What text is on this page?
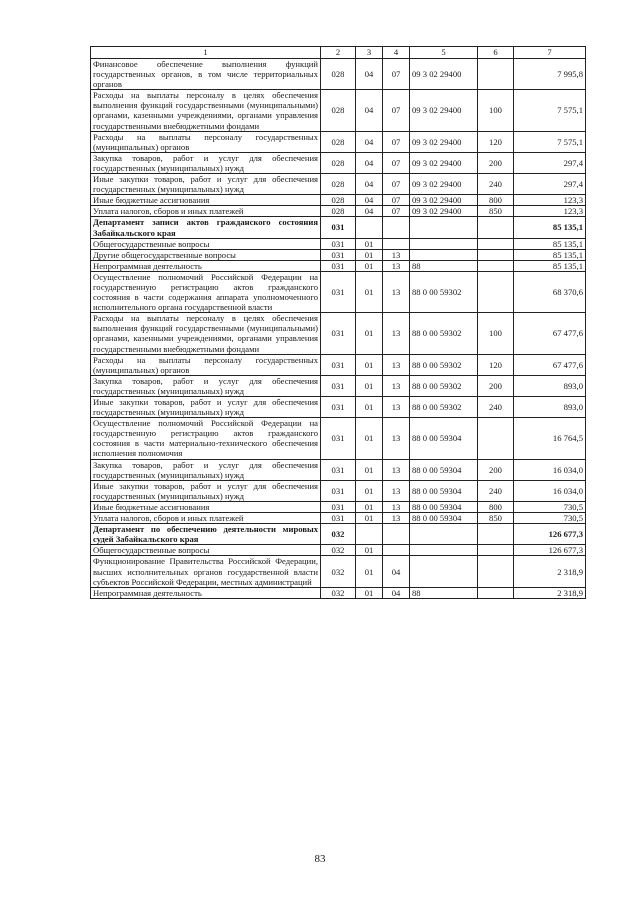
1	2	3	4	5	6	7
Финансовое обеспечение выполнения функций государственных органов, в том числе территориальных органов	028	04	07	09 3 02 29400		7 995,8
Расходы на выплаты персоналу в целях обеспечения выполнения функций государственными (муниципальными) органами, казенными учреждениями, органами управления государственными внебюджетными фондами	028	04	07	09 3 02 29400	100	7 575,1
Расходы на выплаты персоналу государственных (муниципальных) органов	028	04	07	09 3 02 29400	120	7 575,1
Закупка товаров, работ и услуг для обеспечения государственных (муниципальных) нужд	028	04	07	09 3 02 29400	200	297,4
Иные закупки товаров, работ и услуг для обеспечения государственных (муниципальных) нужд	028	04	07	09 3 02 29400	240	297,4
Иные бюджетные ассигнования	028	04	07	09 3 02 29400	800	123,3
Уплата налогов, сборов и иных платежей	028	04	07	09 3 02 29400	850	123,3
Департамент записи актов гражданского состояния Забайкальского края	031					85 135,1
Общегосударственные вопросы	031	01				85 135,1
Другие общегосударственные вопросы	031	01	13			85 135,1
Непрограммная деятельность	031	01	13	88		85 135,1
Осуществление полномочий Российской Федерации на государственную регистрацию актов гражданского состояния в части содержания аппарата уполномоченного исполнительного органа государственной власти	031	01	13	88 0 00 59302		68 370,6
Расходы на выплаты персоналу в целях обеспечения выполнения функций государственными (муниципальными) органами, казенными учреждениями, органами управления государственными внебюджетными фондами	031	01	13	88 0 00 59302	100	67 477,6
Расходы на выплаты персоналу государственных (муниципальных) органов	031	01	13	88 0 00 59302	120	67 477,6
Закупка товаров, работ и услуг для обеспечения государственных (муниципальных) нужд	031	01	13	88 0 00 59302	200	893,0
Иные закупки товаров, работ и услуг для обеспечения государственных (муниципальных) нужд	031	01	13	88 0 00 59302	240	893,0
Осуществление полномочий Российской Федерации на государственную регистрацию актов гражданского состояния в части материально-технического обеспечения исполнения полномочия	031	01	13	88 0 00 59304		16 764,5
Закупка товаров, работ и услуг для обеспечения государственных (муниципальных) нужд	031	01	13	88 0 00 59304	200	16 034,0
Иные закупки товаров, работ и услуг для обеспечения государственных (муниципальных) нужд	031	01	13	88 0 00 59304	240	16 034,0
Иные бюджетные ассигнования	031	01	13	88 0 00 59304	800	730,5
Уплата налогов, сборов и иных платежей	031	01	13	88 0 00 59304	850	730,5
Департамент по обеспечению деятельности мировых судей Забайкальского края	032					126 677,3
Общегосударственные вопросы	032	01				126 677,3
Функционирование Правительства Российской Федерации, высших исполнительных органов государственной власти субъектов Российской Федерации, местных администраций	032	01	04			2 318,9
Непрограммная деятельность	032	01	04	88		2 318,9
83
